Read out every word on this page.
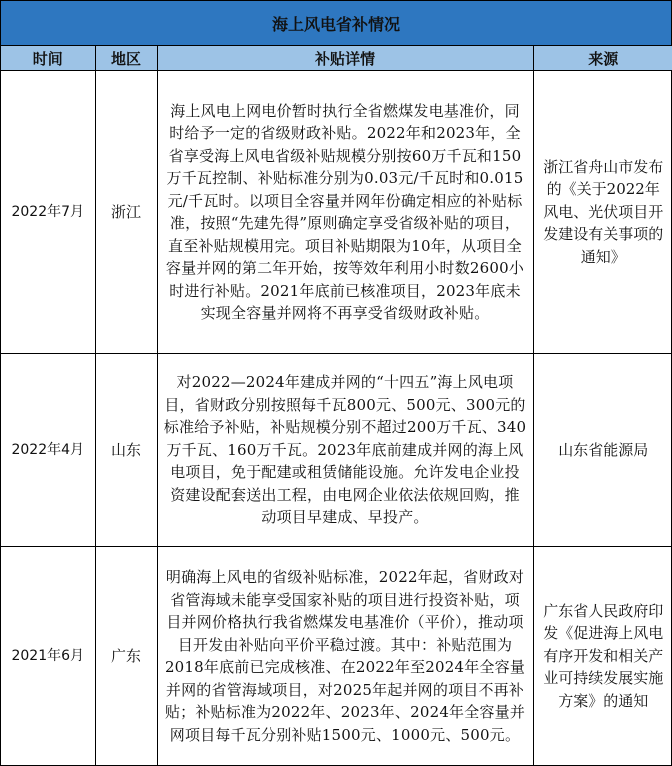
海上风电省补情况
时间	地区	补贴详情	来源
2022年7月	浙江	海上风电上网电价暂时执行全省燃煤发电基准价，同时给予一定的省级财政补贴。2022年和2023年，全省享受海上风电省级补贴规模分别按60万千瓦和150万千瓦控制、补贴标准分别为0.03元/千瓦时和0.015元/千瓦时。以项目全容量并网年份确定相应的补贴标准，按照“先建先得”原则确定享受省级补贴的项目，直至补贴规模用完。项目补贴期限为10年，从项目全容量并网的第二年开始，按等效年利用小时数2600小时进行补贴。2021年底前已核准项目，2023年底未实现全容量并网将不再享受省级财政补贴。	浙江省舟山市发布的《关于2022年风电、光伏项目开发建设有关事项的通知》
2022年4月	山东	对2022—2024年建成并网的“十四五”海上风电项目，省财政分别按照每千瓦800元、500元、300元的标准给予补贴，补贴规模分别不超过200万千瓦、340万千瓦、160万千瓦。2023年底前建成并网的海上风电项目，免于配建或租赁储能设施。允许发电企业投资建设配套送出工程，由电网企业依法依规回购，推动项目早建成、早投产。	山东省能源局
2021年6月	广东	明确海上风电的省级补贴标准，2022年起，省财政对省管海域未能享受国家补贴的项目进行投资补贴，项目并网价格执行我省燃煤发电基准价（平价），推动项目开发由补贴向平价平稳过渡。其中：补贴范围为2018年底前已完成核准、在2022年至2024年全容量并网的省管海域项目，对2025年起并网的项目不再补贴；补贴标准为2022年、2023年、2024年全容量并网项目每千瓦分别补贴1500元、1000元、500元。	广东省人民政府印发《促进海上风电有序开发和相关产业可持续发展实施方案》的通知
